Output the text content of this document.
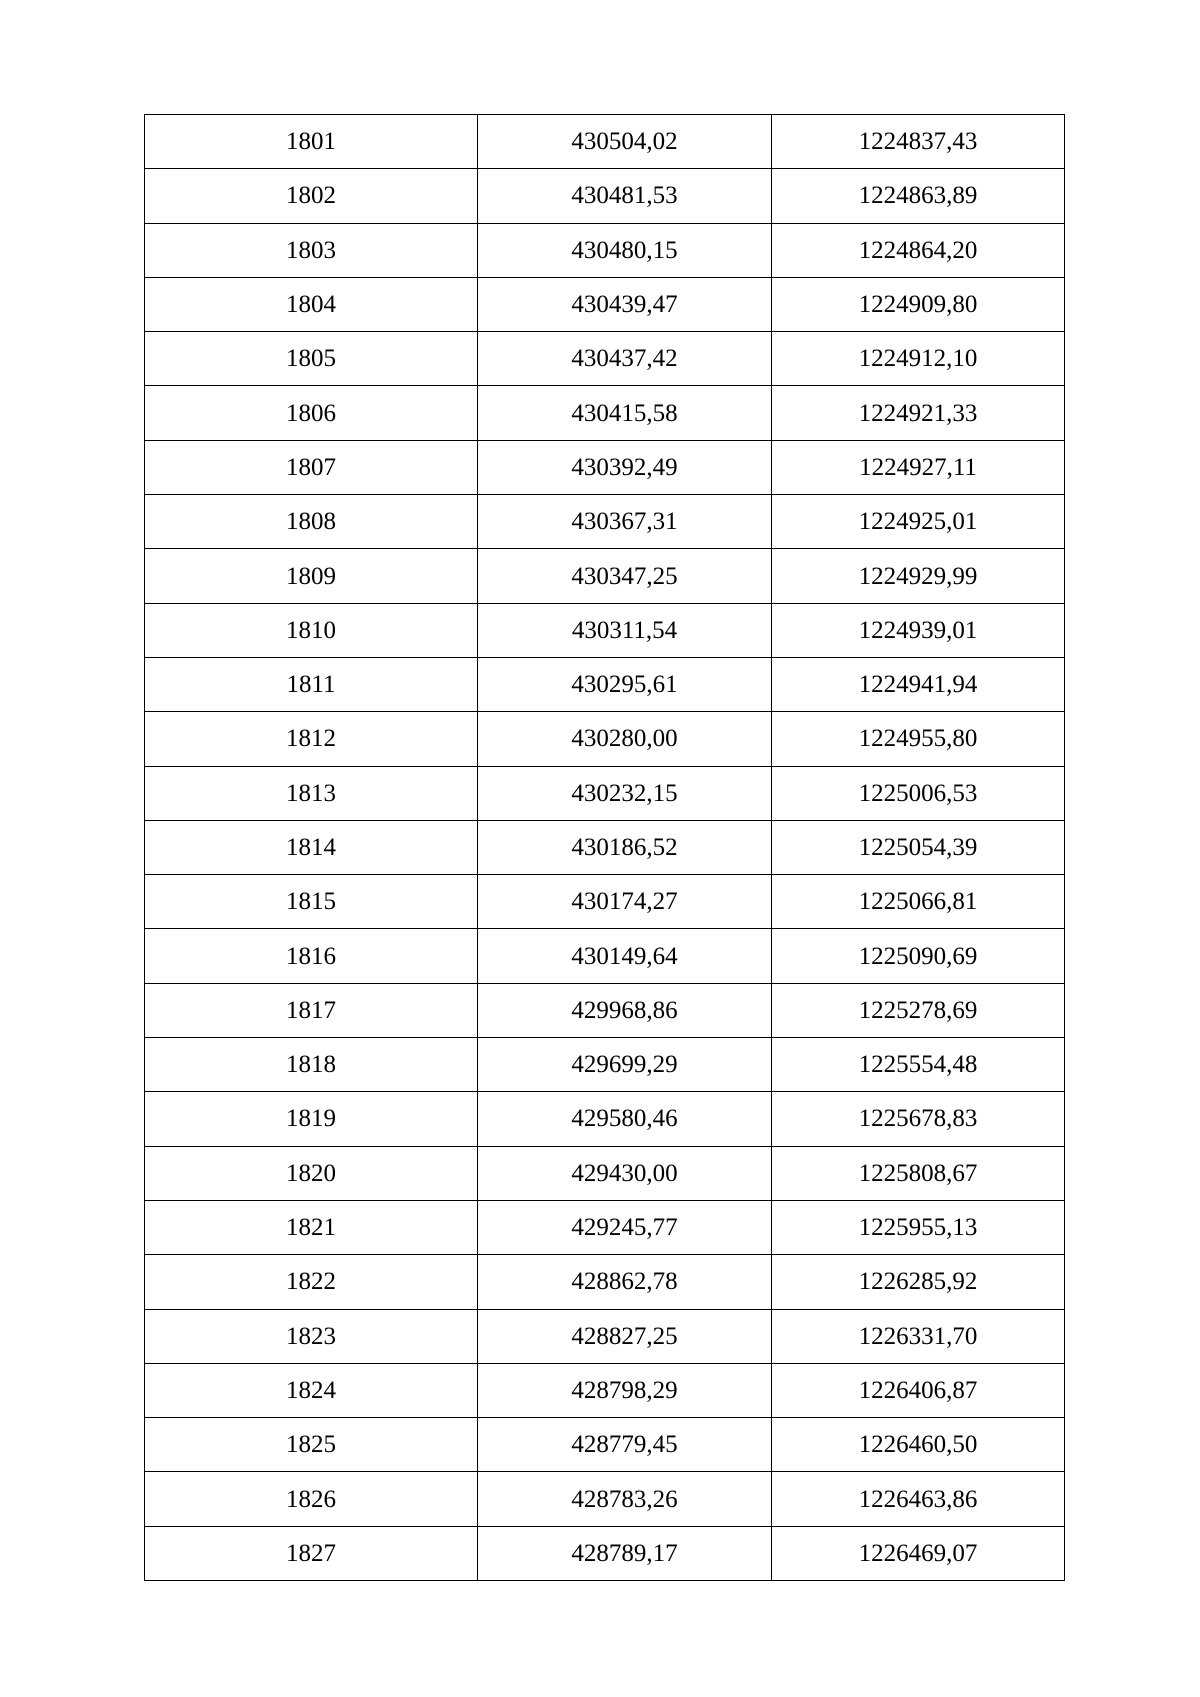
1801	430504,02	1224837,43
1802	430481,53	1224863,89
1803	430480,15	1224864,20
1804	430439,47	1224909,80
1805	430437,42	1224912,10
1806	430415,58	1224921,33
1807	430392,49	1224927,11
1808	430367,31	1224925,01
1809	430347,25	1224929,99
1810	430311,54	1224939,01
1811	430295,61	1224941,94
1812	430280,00	1224955,80
1813	430232,15	1225006,53
1814	430186,52	1225054,39
1815	430174,27	1225066,81
1816	430149,64	1225090,69
1817	429968,86	1225278,69
1818	429699,29	1225554,48
1819	429580,46	1225678,83
1820	429430,00	1225808,67
1821	429245,77	1225955,13
1822	428862,78	1226285,92
1823	428827,25	1226331,70
1824	428798,29	1226406,87
1825	428779,45	1226460,50
1826	428783,26	1226463,86
1827	428789,17	1226469,07
